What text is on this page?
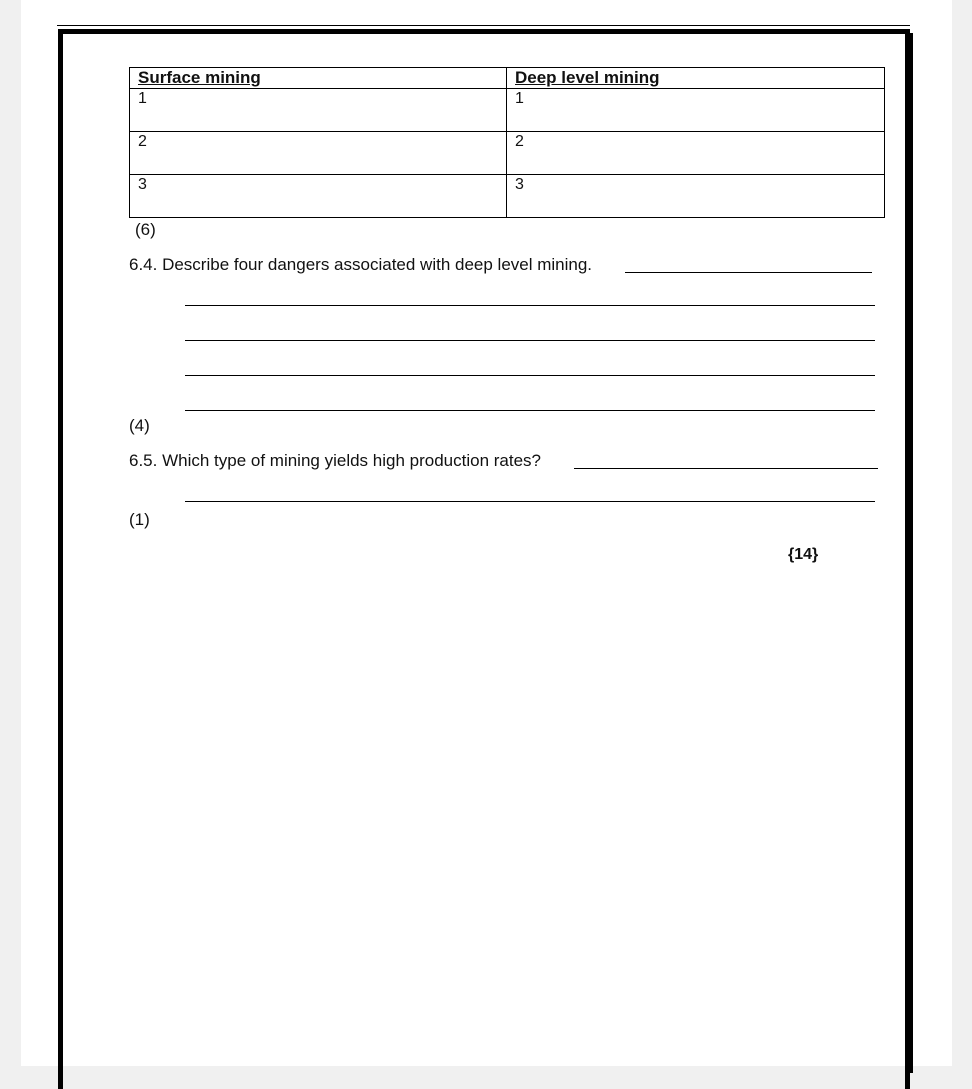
Surface mining	Deep level mining
1	1
2	2
3	3
(6)
6.4. Describe four dangers associated with deep level mining.
(4)
6.5. Which type of mining yields high production rates?
(1)
{14}
